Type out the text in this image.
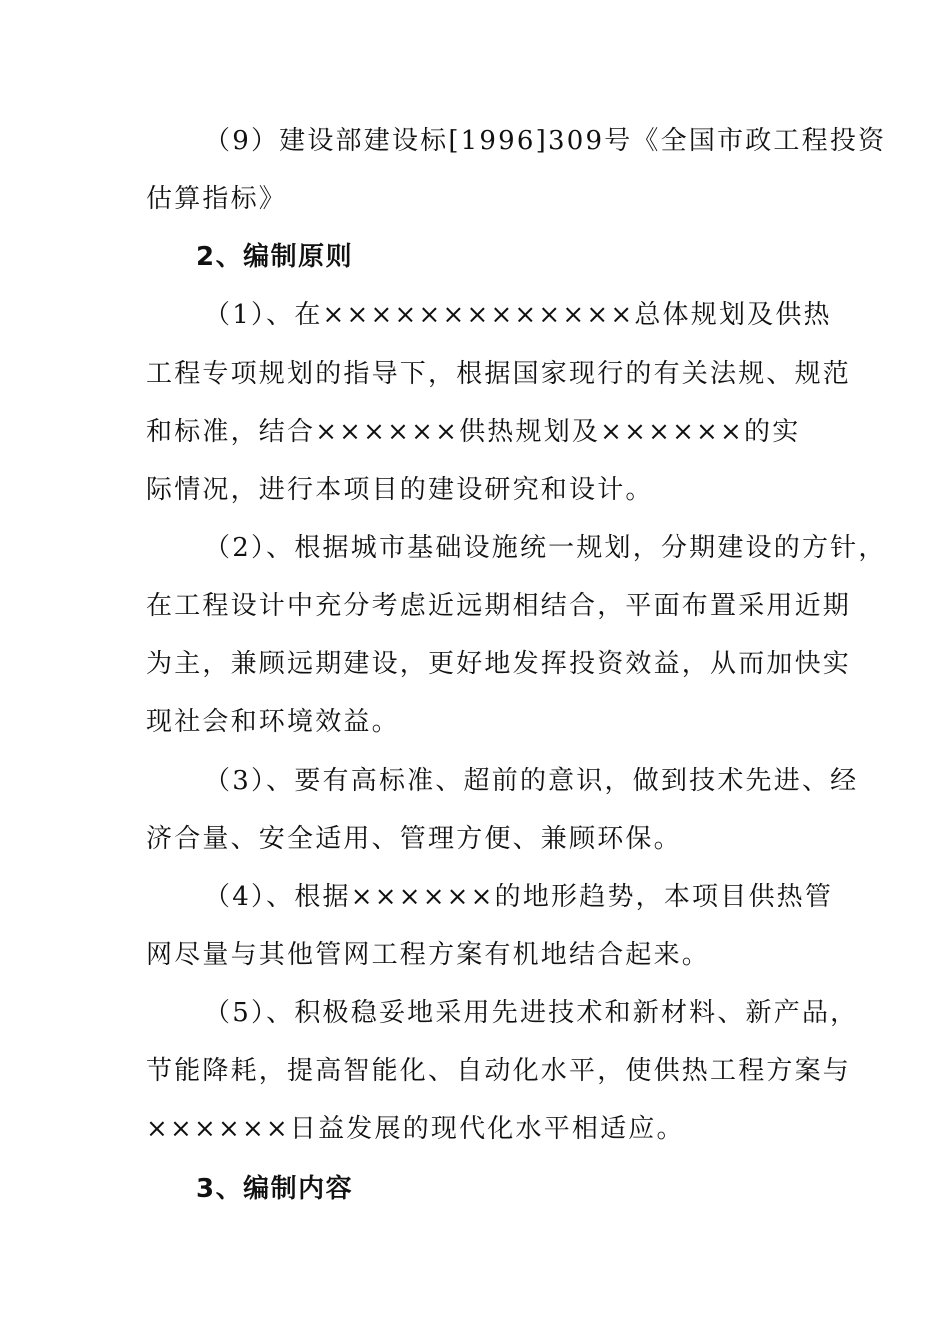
（9）建设部建设标[1996]309号《全国市政工程投资
估算指标》
2、编制原则
（1）、在×××××××××××××总体规划及供热
工程专项规划的指导下，根据国家现行的有关法规、规范
和标准，结合××××××供热规划及××××××的实
际情况，进行本项目的建设研究和设计。
（2）、根据城市基础设施统一规划，分期建设的方针，
在工程设计中充分考虑近远期相结合，平面布置采用近期
为主，兼顾远期建设，更好地发挥投资效益，从而加快实
现社会和环境效益。
（3）、要有高标准、超前的意识，做到技术先进、经
济合量、安全适用、管理方便、兼顾环保。
（4）、根据××××××的地形趋势，本项目供热管
网尽量与其他管网工程方案有机地结合起来。
（5）、积极稳妥地采用先进技术和新材料、新产品，
节能降耗，提高智能化、自动化水平，使供热工程方案与
××××××日益发展的现代化水平相适应。
3、编制内容
